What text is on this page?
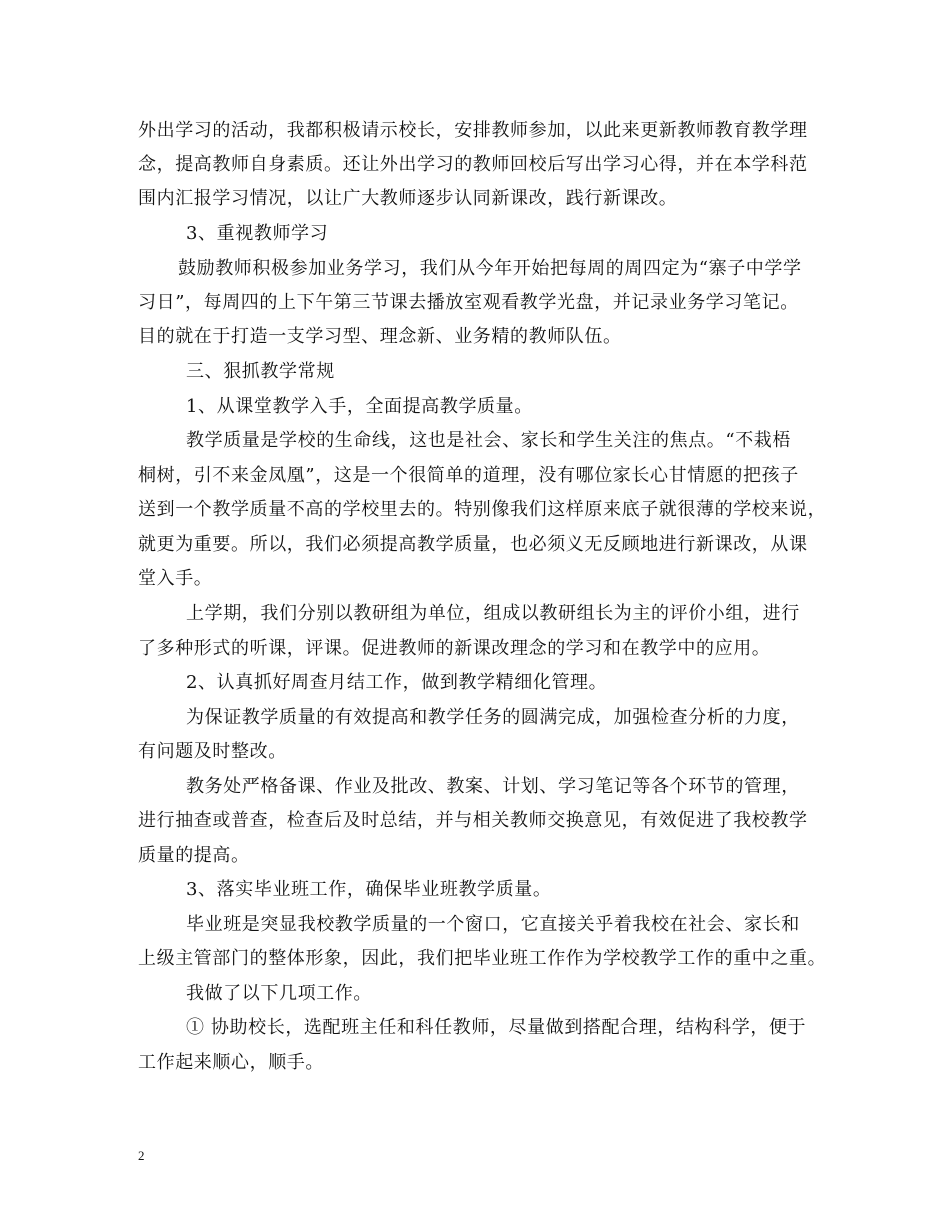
外出学习的活动，我都积极请示校长，安排教师参加，以此来更新教师教育教学理
念，提高教师自身素质。还让外出学习的教师回校后写出学习心得，并在本学科范
围内汇报学习情况，以让广大教师逐步认同新课改，践行新课改。
3、重视教师学习
鼓励教师积极参加业务学习，我们从今年开始把每周的周四定为“寨子中学学
习日”，每周四的上下午第三节课去播放室观看教学光盘，并记录业务学习笔记。
目的就在于打造一支学习型、理念新、业务精的教师队伍。
三、狠抓教学常规
1、从课堂教学入手，全面提高教学质量。
教学质量是学校的生命线，这也是社会、家长和学生关注的焦点。“不栽梧
桐树，引不来金凤凰”，这是一个很简单的道理，没有哪位家长心甘情愿的把孩子
送到一个教学质量不高的学校里去的。特别像我们这样原来底子就很薄的学校来说，
就更为重要。所以，我们必须提高教学质量，也必须义无反顾地进行新课改，从课
堂入手。
上学期，我们分别以教研组为单位，组成以教研组长为主的评价小组，进行
了多种形式的听课，评课。促进教师的新课改理念的学习和在教学中的应用。
2、认真抓好周查月结工作，做到教学精细化管理。
为保证教学质量的有效提高和教学任务的圆满完成，加强检查分析的力度，
有问题及时整改。
教务处严格备课、作业及批改、教案、计划、学习笔记等各个环节的管理，
进行抽查或普查，检查后及时总结，并与相关教师交换意见，有效促进了我校教学
质量的提高。
3、落实毕业班工作，确保毕业班教学质量。
毕业班是突显我校教学质量的一个窗口，它直接关乎着我校在社会、家长和
上级主管部门的整体形象，因此，我们把毕业班工作作为学校教学工作的重中之重。
我做了以下几项工作。
① 协助校长，选配班主任和科任教师，尽量做到搭配合理，结构科学，便于
工作起来顺心，顺手。
2
